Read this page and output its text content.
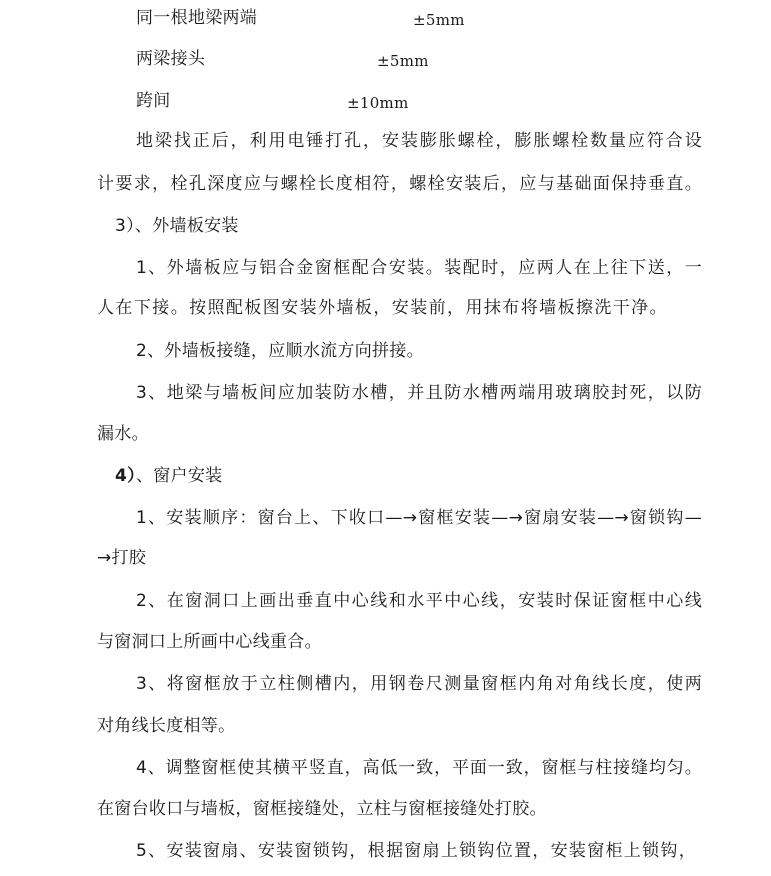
同一根地梁两端	±5mm
两梁接头	±5mm
跨间	±10mm
地梁找正后，利用电锤打孔，安装膨胀螺栓，膨胀螺栓数量应符合设
计要求，栓孔深度应与螺栓长度相符，螺栓安装后，应与基础面保持垂直。
3）、外墙板安装
1、外墙板应与铝合金窗框配合安装。装配时，应两人在上往下送，一
人在下接。按照配板图安装外墙板，安装前，用抹布将墙板擦洗干净。
2、外墙板接缝，应顺水流方向拼接。
3、地梁与墙板间应加装防水槽，并且防水槽两端用玻璃胶封死，以防
漏水。
4）、窗户安装
1、安装顺序：窗台上、下收口—→窗框安装—→窗扇安装—→窗锁钩—
→打胶
2、在窗洞口上画出垂直中心线和水平中心线，安装时保证窗框中心线
与窗洞口上所画中心线重合。
3、将窗框放于立柱侧槽内，用钢卷尺测量窗框内角对角线长度，使两
对角线长度相等。
4、调整窗框使其横平竖直，高低一致，平面一致，窗框与柱接缝均匀。
在窗台收口与墙板，窗框接缝处，立柱与窗框接缝处打胶。
5、安装窗扇、安装窗锁钩，根据窗扇上锁钩位置，安装窗柜上锁钩，
